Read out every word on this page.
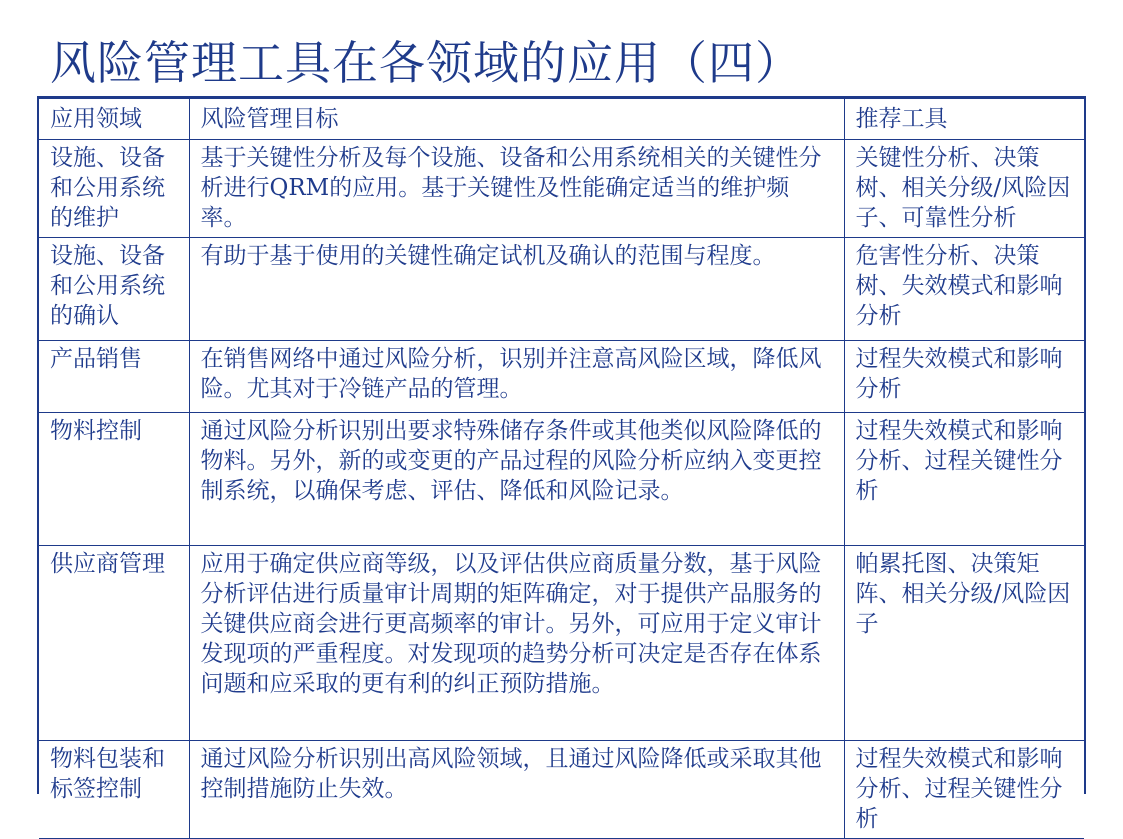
风险管理工具在各领域的应用（四）
应用领域	风险管理目标	推荐工具
设施、设备和公用系统的维护	基于关键性分析及每个设施、设备和公用系统相关的关键性分析进行QRM的应用。基于关键性及性能确定适当的维护频率。	关键性分析、决策树、相关分级/风险因子、可靠性分析
设施、设备和公用系统的确认	有助于基于使用的关键性确定试机及确认的范围与程度。	危害性分析、决策树、失效模式和影响分析
产品销售	在销售网络中通过风险分析，识别并注意高风险区域，降低风险。尤其对于冷链产品的管理。	过程失效模式和影响分析
物料控制	通过风险分析识别出要求特殊储存条件或其他类似风险降低的物料。另外，新的或变更的产品过程的风险分析应纳入变更控制系统，以确保考虑、评估、降低和风险记录。	过程失效模式和影响分析、过程关键性分析
供应商管理	应用于确定供应商等级，以及评估供应商质量分数，基于风险分析评估进行质量审计周期的矩阵确定，对于提供产品服务的关键供应商会进行更高频率的审计。另外，可应用于定义审计发现项的严重程度。对发现项的趋势分析可决定是否存在体系问题和应采取的更有利的纠正预防措施。	帕累托图、决策矩阵、相关分级/风险因子
物料包装和标签控制	通过风险分析识别出高风险领域，且通过风险降低或采取其他控制措施防止失效。	过程失效模式和影响分析、过程关键性分析
